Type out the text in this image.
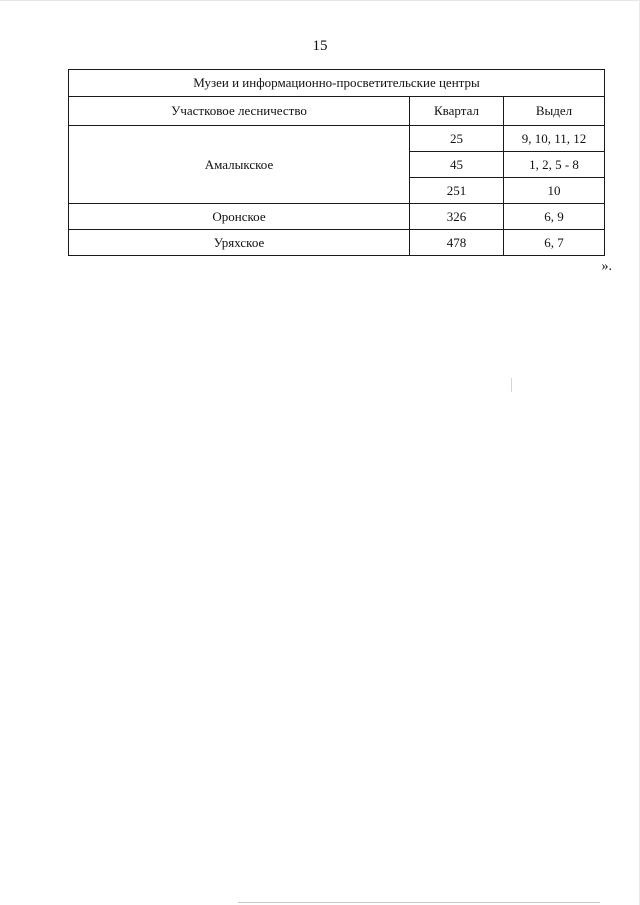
15
Музеи и информационно-просветительские центры		
Участковое лесничество	Квартал	Выдел
Амалыкское	25	9, 10, 11, 12
	45	1, 2, 5 - 8
	251	10
Оронское	326	6, 9
Уряхское	478	6, 7
».
